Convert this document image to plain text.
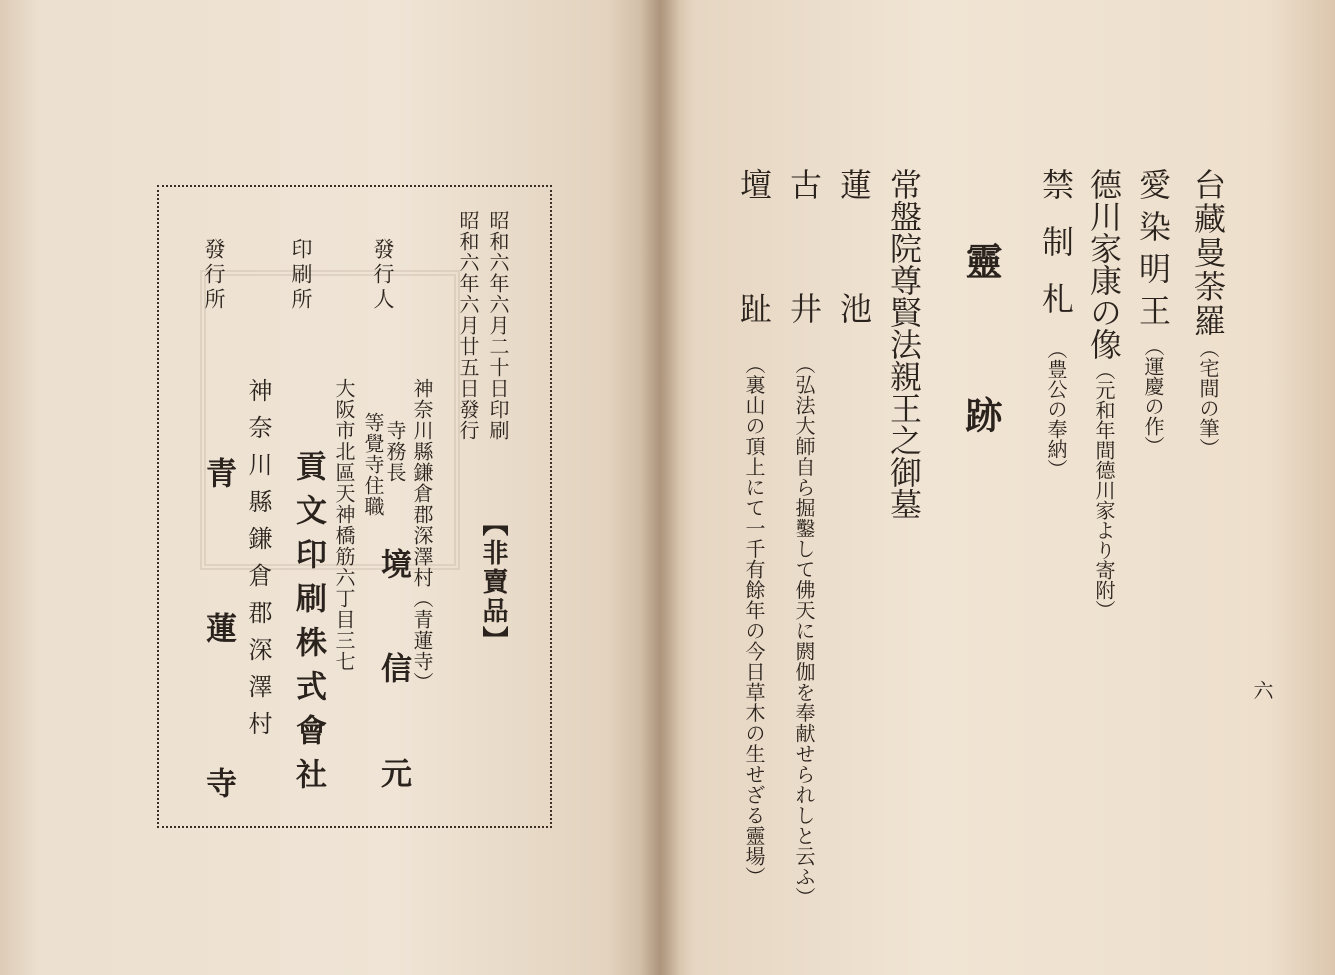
昭和六年六月二十日印刷
昭和六年六月廿五日發行
【非賣品】
神奈川縣鎌倉郡深澤村（青蓮寺）
發行人
寺務長
等覺寺住職
境
信
元
大阪市北區天神橋筋六丁目三七
印刷所
貢文印刷株式會社
神奈川縣鎌倉郡深澤村
發行所
青
蓮
寺
台藏曼荼羅（宅間の筆）
愛染明王（運慶の作）
德川家康の像（元和年間德川家より寄附）
禁制札（豊公の奉納）
靈　跡
常盤院尊賢法親王之御墓
蓮　池
古　井（弘法大師自ら掘鑿して佛天に閼伽を奉献せられしと云ふ）
壇　趾（裏山の頂上にて一千有餘年の今日草木の生せざる靈場）	六
